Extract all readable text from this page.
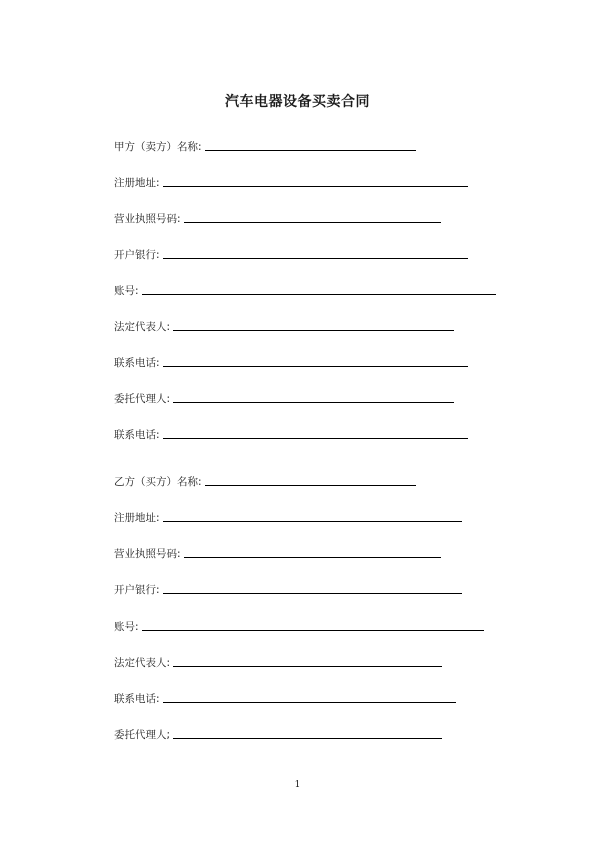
汽车电器设备买卖合同
甲方（卖方）名称:
注册地址:
营业执照号码:
开户银行:
账号:
法定代表人:
联系电话:
委托代理人:
联系电话:
乙方（买方）名称:
注册地址:
营业执照号码:
开户银行:
账号:
法定代表人:
联系电话:
委托代理人;
1
